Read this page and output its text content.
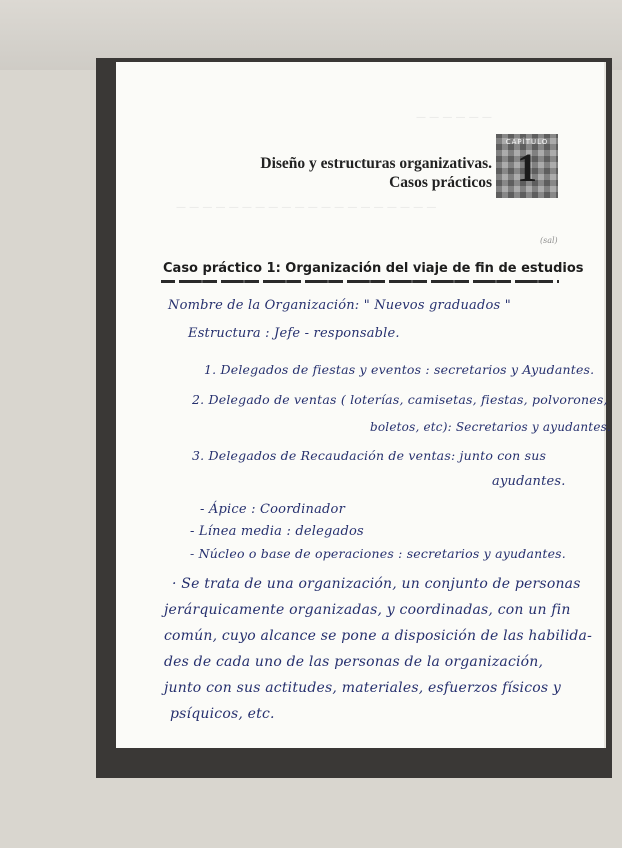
— — — — — —
— — — — — — — — — — — — — — — — — — — —
Diseño y estructuras organizativas.
Casos prácticos
CAPÍTULO
1
(sal)
Caso práctico 1: Organización del viaje de fin de estudios
Nombre de la Organización: " Nuevos graduados "
Estructura : Jefe - responsable.
1. Delegados de fiestas y eventos : secretarios y Ayudantes.
2. Delegado de ventas ( loterías, camisetas, fiestas, polvorones,
boletos, etc): Secretarios y ayudantes.
3. Delegados de Recaudación de ventas: junto con sus
ayudantes.
- Ápice : Coordinador
- Línea media : delegados
- Núcleo o base de operaciones : secretarios y ayudantes.
· Se trata de una organización, un conjunto de personas
jerárquicamente organizadas, y coordinadas, con un fin
común, cuyo alcance se pone a disposición de las habilida-
des de cada uno de las personas de la organización,
junto con sus actitudes, materiales, esfuerzos físicos y
psíquicos, etc.
